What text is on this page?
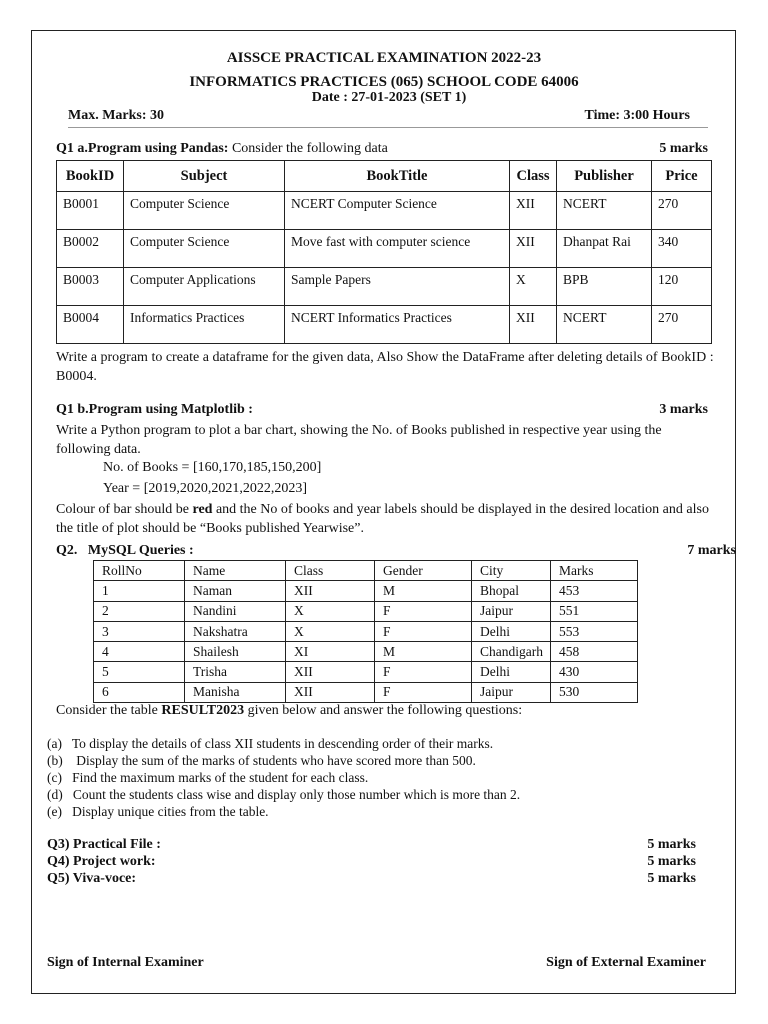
AISSCE PRACTICAL EXAMINATION 2022-23
INFORMATICS PRACTICES (065) SCHOOL CODE 64006
Date : 27-01-2023 (SET 1)
Max. Marks: 30	Time: 3:00 Hours
Q1 a.Program using Pandas: Consider the following data	5 marks
BookID	Subject	BookTitle	Class	Publisher	Price
B0001	Computer Science	NCERT Computer Science	XII	NCERT	270
B0002	Computer Science	Move fast with computer science	XII	Dhanpat Rai	340
B0003	Computer Applications	Sample Papers	X	BPB	120
B0004	Informatics Practices	NCERT Informatics Practices	XII	NCERT	270
Write a program to create a dataframe for the given data, Also Show the DataFrame after deleting details of BookID : B0004.
Q1 b.Program using Matplotlib :	3 marks
Write a Python program to plot a bar chart, showing the No. of Books published in respective year using the following data.
No. of Books = [160,170,185,150,200]
Year = [2019,2020,2021,2022,2023]
Colour of bar should be red and the No of books and year labels should be displayed in the desired location and also the title of plot should be “Books published Yearwise”.
Q2.   MySQL Queries :	7 marks
RollNo	Name	Class	Gender	City	Marks
1	Naman	XII	M	Bhopal	453
2	Nandini	X	F	Jaipur	551
3	Nakshatra	X	F	Delhi	553
4	Shailesh	XI	M	Chandigarh	458
5	Trisha	XII	F	Delhi	430
6	Manisha	XII	F	Jaipur	530
Consider the table RESULT2023 given below and answer the following questions:
(a)   To display the details of class XII students in descending order of their marks.
(b)    Display the sum of the marks of students who have scored more than 500.
(c)   Find the maximum marks of the student for each class.
(d)   Count the students class wise and display only those number which is more than 2.
(e)   Display unique cities from the table.
Q3) Practical File :	5 marks
Q4) Project work:	5 marks
Q5) Viva-voce:	5 marks
Sign of Internal Examiner	Sign of External Examiner
